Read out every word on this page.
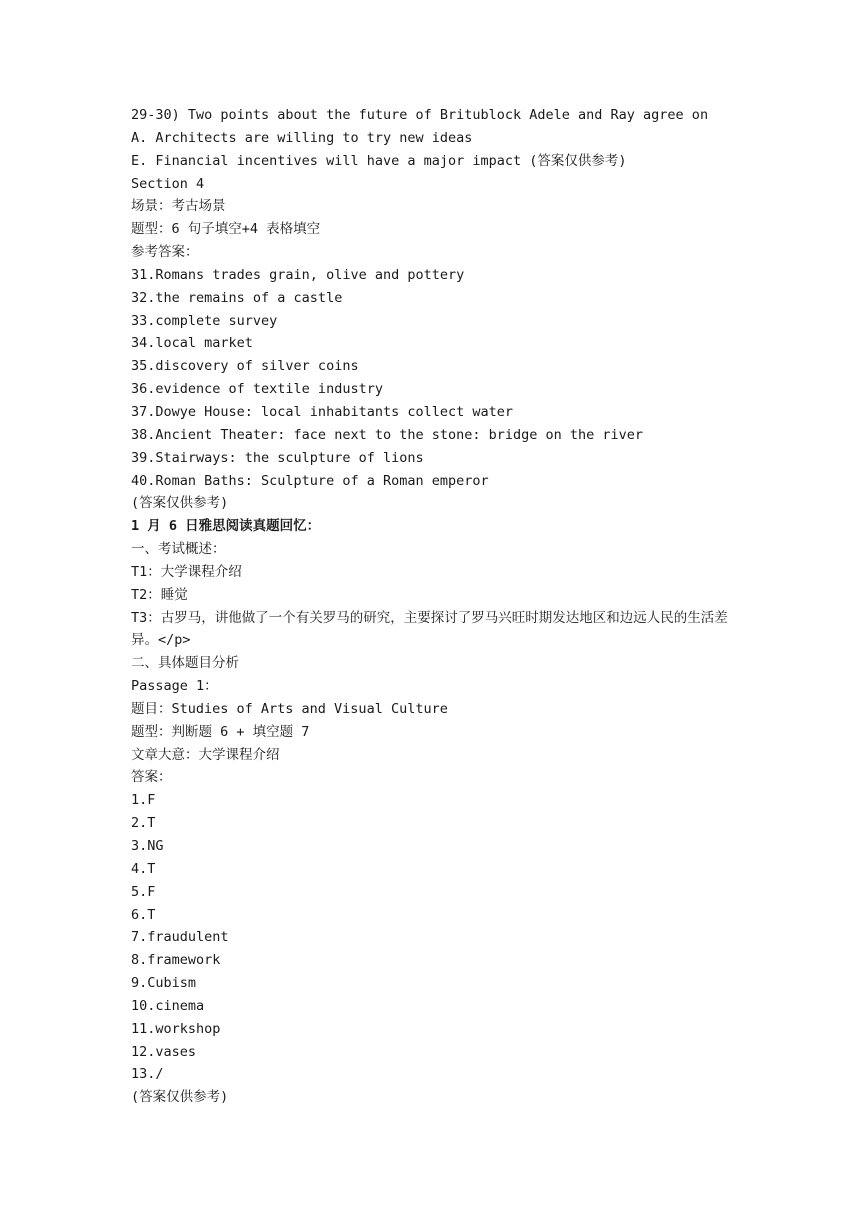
29-30) Two points about the future of Britublock Adele and Ray agree on
A. Architects are willing to try new ideas
E. Financial incentives will have a major impact (答案仅供参考)
Section 4
场景：考古场景
题型：6 句子填空+4 表格填空
参考答案：
31.Romans trades grain, olive and pottery
32.the remains of a castle
33.complete survey
34.local market
35.discovery of silver coins
36.evidence of textile industry
37.Dowye House: local inhabitants collect water
38.Ancient Theater: face next to the stone: bridge on the river
39.Stairways: the sculpture of lions
40.Roman Baths: Sculpture of a Roman emperor
(答案仅供参考)
1 月 6 日雅思阅读真题回忆：
一、考试概述：
T1：大学课程介绍
T2：睡觉
T3：古罗马，讲他做了一个有关罗马的研究，主要探讨了罗马兴旺时期发达地区和边远人民的生活差异。</p>
二、具体题目分析
Passage 1：
题目：Studies of Arts and Visual Culture
题型：判断题 6 + 填空题 7
文章大意：大学课程介绍
答案：
1.F
2.T
3.NG
4.T
5.F
6.T
7.fraudulent
8.framework
9.Cubism
10.cinema
11.workshop
12.vases
13./
(答案仅供参考)
